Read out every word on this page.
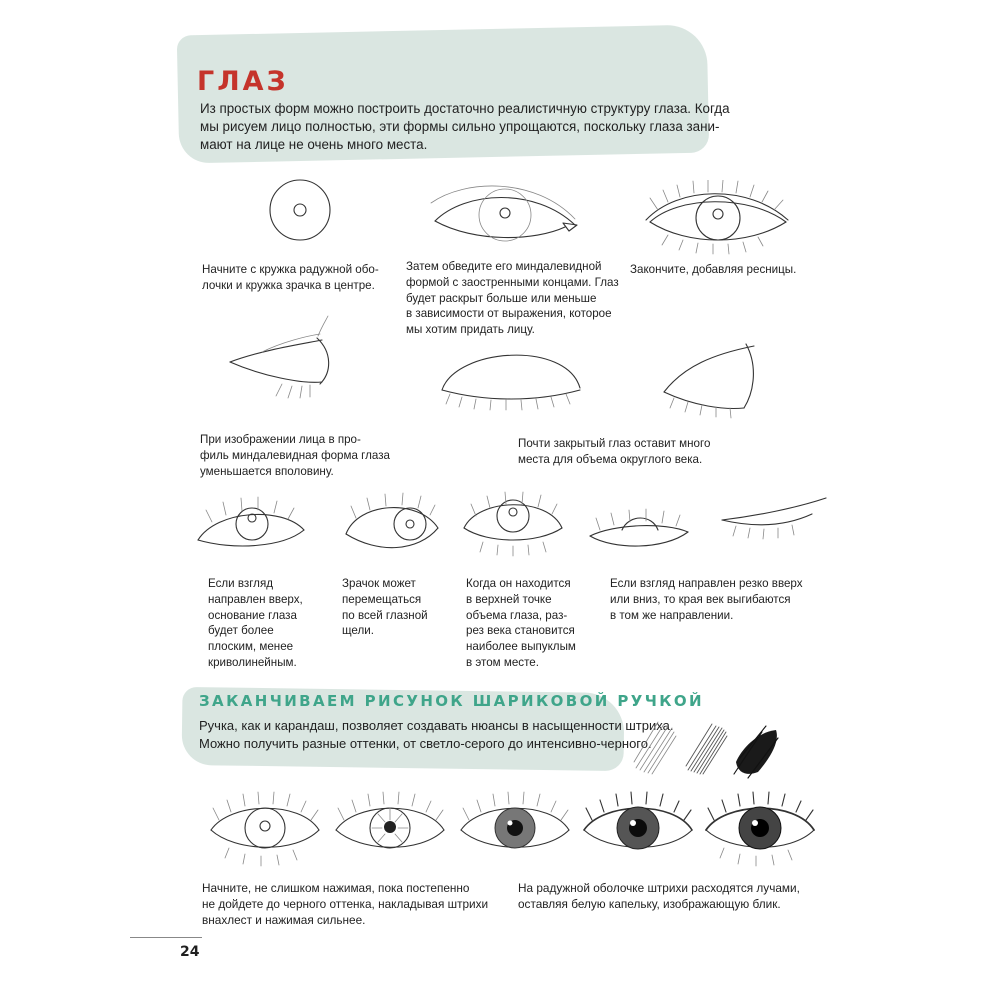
ГЛАЗ
Из простых форм можно построить достаточно реалистичную структуру глаза. Когда
мы рисуем лицо полностью, эти формы сильно упрощаются, поскольку глаза зани-
мают на лице не очень много места.
Начните с кружка радужной обо-
лочки и кружка зрачка в центре.
Затем обведите его миндалевидной
формой с заостренными концами. Глаз
будет раскрыт больше или меньше
в зависимости от выражения, которое
мы хотим придать лицу.
Закончите, добавляя ресницы.
При изображении лица в про-
филь миндалевидная форма глаза
уменьшается вполовину.
Почти закрытый глаз оставит много
места для объема округлого века.
Если взгляд
направлен вверх,
основание глаза
будет более
плоским, менее
криволинейным.
Зрачок может
перемещаться
по всей глазной
щели.
Когда он находится
в верхней точке
объема глаза, раз-
рез века становится
наиболее выпуклым
в этом месте.
Если взгляд направлен резко вверх
или вниз, то края век выгибаются
в том же направлении.
ЗАКАНЧИВАЕМ РИСУНОК ШАРИКОВОЙ РУЧКОЙ
Ручка, как и карандаш, позволяет создавать нюансы в насыщенности штриха.
Можно получить разные оттенки, от светло-серого до интенсивно-черного.
Начните, не слишком нажимая, пока постепенно
не дойдете до черного оттенка, накладывая штрихи
внахлест и нажимая сильнее.
На радужной оболочке штрихи расходятся лучами,
оставляя белую капельку, изображающую блик.
24
